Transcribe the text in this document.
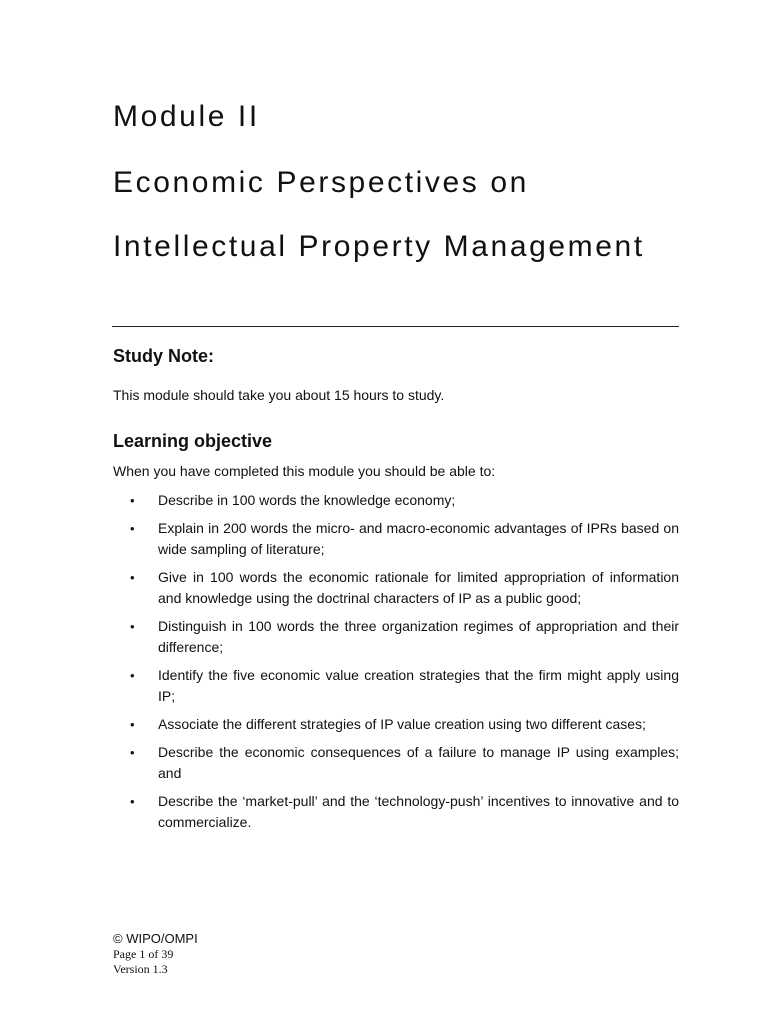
Module II
Economic Perspectives on
Intellectual Property Management
Study Note:

This module should take you about 15 hours to study.

Learning objective

When you have completed this module you should be able to:

• Describe in 100 words the knowledge economy;
• Explain in 200 words the micro- and macro-economic advantages of IPRs based on wide sampling of literature;
• Give in 100 words the economic rationale for limited appropriation of information and knowledge using the doctrinal characters of IP as a public good;
• Distinguish in 100 words the three organization regimes of appropriation and their difference;
• Identify the five economic value creation strategies that the firm might apply using IP;
• Associate the different strategies of IP value creation using two different cases;
• Describe the economic consequences of a failure to manage IP using examples; and
• Describe the ‘market-pull’ and the ‘technology-push’ incentives to innovative and to commercialize.

© WIPO/OMPI

Page 1 of 39

Version 1.3
